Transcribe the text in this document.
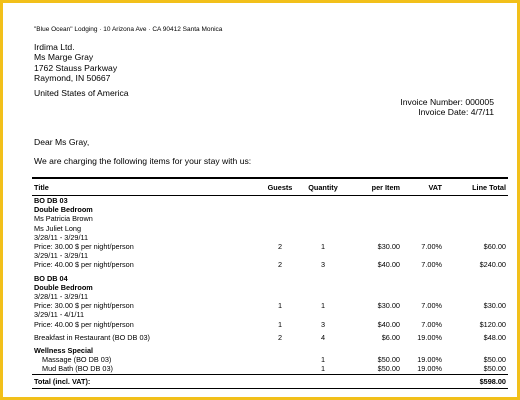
"Blue Ocean" Lodging · 10 Arizona Ave · CA 90412 Santa Monica
Irdima Ltd.
Ms Marge Gray
1762 Stauss Parkway
Raymond, IN 50667
United States of America
Invoice Number: 000005
Invoice Date: 4/7/11
Dear Ms Gray,
We are charging the following items for your stay with us:
Title	Guests	Quantity	per Item	VAT	Line Total
BO DB 03					
Double Bedroom					
Ms Patricia Brown					
Ms Juliet Long					
3/28/11 - 3/29/11					
Price: 30.00 $ per night/person	2	1	$30.00	7.00%	$60.00
3/29/11 - 3/29/11					
Price: 40.00 $ per night/person	2	3	$40.00	7.00%	$240.00

BO DB 04					
Double Bedroom					
3/28/11 - 3/29/11					
Price: 30.00 $ per night/person	1	1	$30.00	7.00%	$30.00
3/29/11 - 4/1/11					
Price: 40.00 $ per night/person	1	3	$40.00	7.00%	$120.00

Breakfast in Restaurant (BO DB 03)	2	4	$6.00	19.00%	$48.00

Wellness Special					
Massage (BO DB 03)		1	$50.00	19.00%	$50.00
Mud Bath (BO DB 03)		1	$50.00	19.00%	$50.00
Total (incl. VAT):					$598.00
